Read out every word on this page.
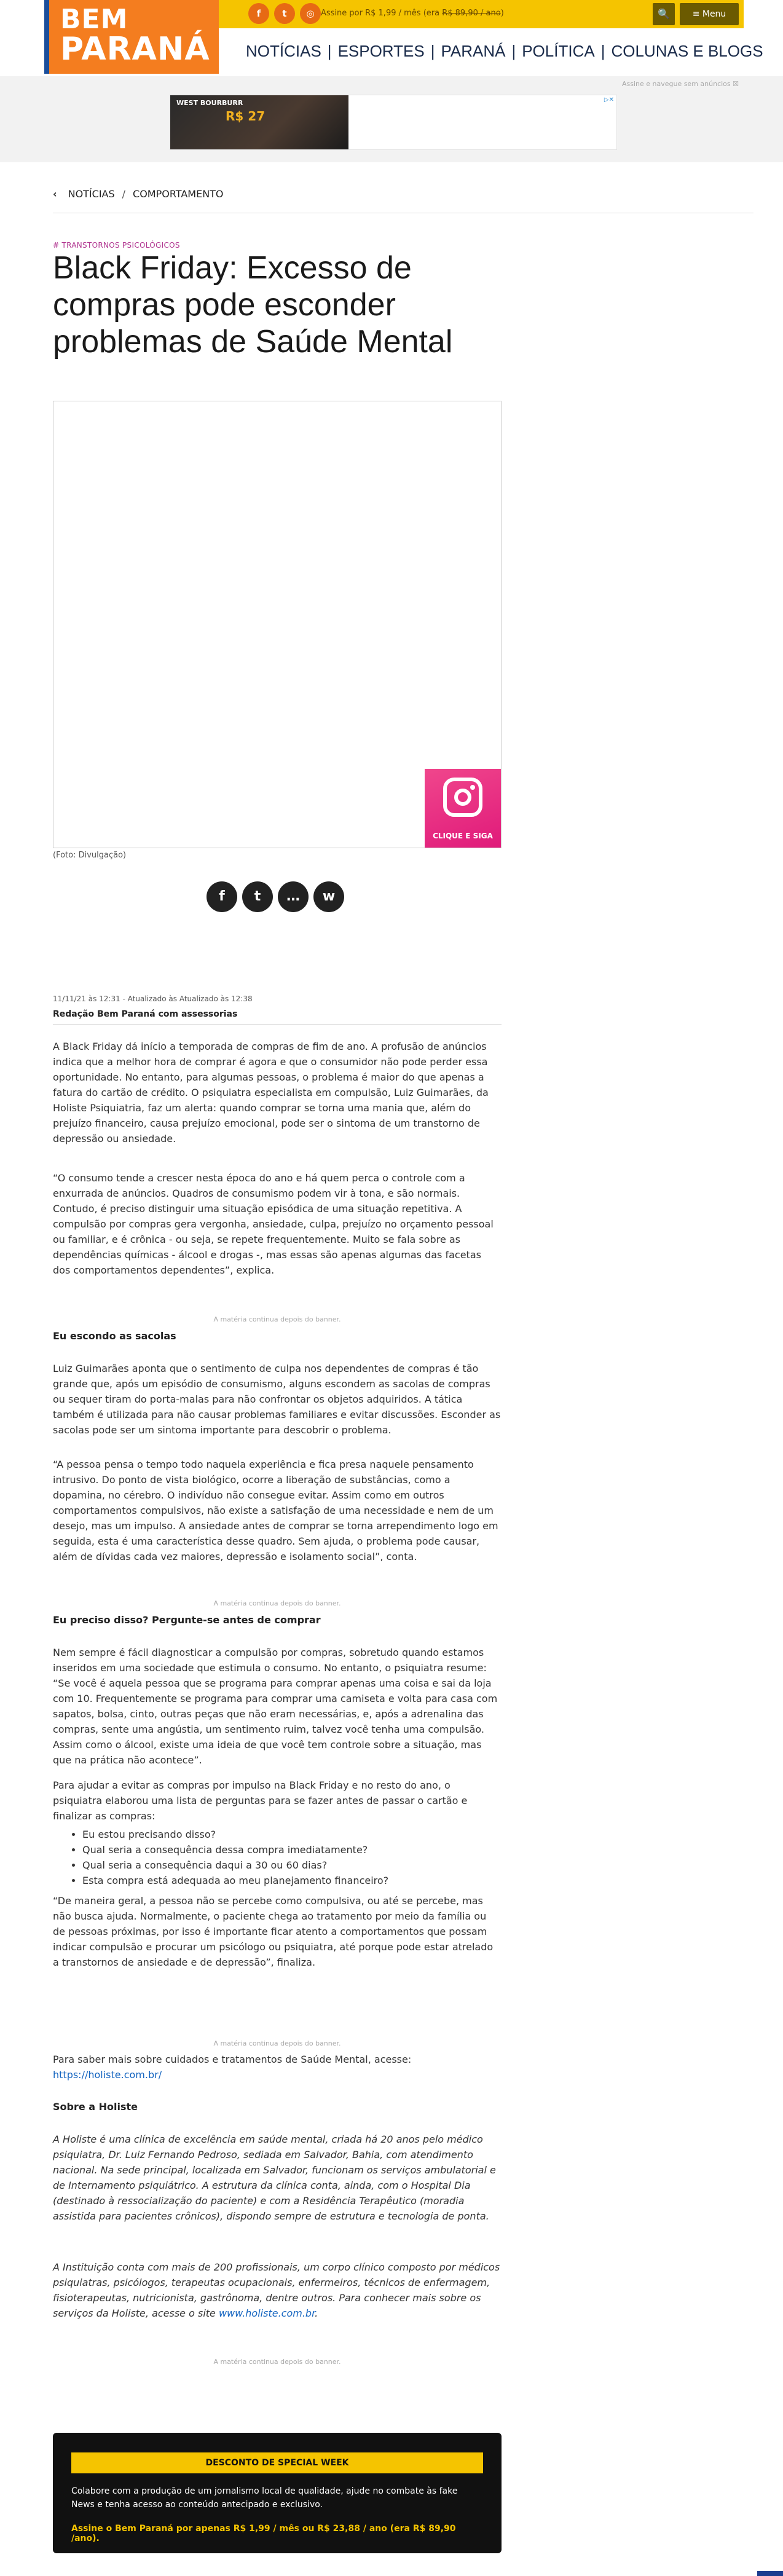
BEM
PARANÁ
f	t	◎ Assine por R$ 1,99 / mês (era R$ 89,90 / ano)	🔍	≡ Menu
NOTÍCIAS | ESPORTES | PARANÁ | POLÍTICA | COLUNAS E BLOGS
Assine e navegue sem anúncios ☒
WEST BOURBURR
R$ 27
▷✕
‹ NOTÍCIAS / COMPORTAMENTO
# TRANSTORNOS PSICOLÓGICOS
Black Friday: Excesso de compras pode esconder problemas de Saúde Mental
CLIQUE E SIGA
(Foto: Divulgação)
f	t	…	w
11/11/21 às 12:31 - Atualizado às Atualizado às 12:38
Redação Bem Paraná com assessorias
A Black Friday dá início a temporada de compras de fim de ano. A profusão de anúncios indica que a melhor hora de comprar é agora e que o consumidor não pode perder essa oportunidade. No entanto, para algumas pessoas, o problema é maior do que apenas a fatura do cartão de crédito. O psiquiatra especialista em compulsão, Luiz Guimarães, da Holiste Psiquiatria, faz um alerta: quando comprar se torna uma mania que, além do prejuízo financeiro, causa prejuízo emocional, pode ser o sintoma de um transtorno de depressão ou ansiedade.
“O consumo tende a crescer nesta época do ano e há quem perca o controle com a enxurrada de anúncios. Quadros de consumismo podem vir à tona, e são normais. Contudo, é preciso distinguir uma situação episódica de uma situação repetitiva. A compulsão por compras gera vergonha, ansiedade, culpa, prejuízo no orçamento pessoal ou familiar, e é crônica - ou seja, se repete frequentemente. Muito se fala sobre as dependências químicas - álcool e drogas -, mas essas são apenas algumas das facetas dos comportamentos dependentes”, explica.
A matéria continua depois do banner.
Eu escondo as sacolas
Luiz Guimarães aponta que o sentimento de culpa nos dependentes de compras é tão grande que, após um episódio de consumismo, alguns escondem as sacolas de compras ou sequer tiram do porta-malas para não confrontar os objetos adquiridos. A tática também é utilizada para não causar problemas familiares e evitar discussões. Esconder as sacolas pode ser um sintoma importante para descobrir o problema.
“A pessoa pensa o tempo todo naquela experiência e fica presa naquele pensamento intrusivo. Do ponto de vista biológico, ocorre a liberação de substâncias, como a dopamina, no cérebro. O indivíduo não consegue evitar. Assim como em outros comportamentos compulsivos, não existe a satisfação de uma necessidade e nem de um desejo, mas um impulso. A ansiedade antes de comprar se torna arrependimento logo em seguida, esta é uma característica desse quadro. Sem ajuda, o problema pode causar, além de dívidas cada vez maiores, depressão e isolamento social”, conta.
A matéria continua depois do banner.
Eu preciso disso? Pergunte-se antes de comprar
Nem sempre é fácil diagnosticar a compulsão por compras, sobretudo quando estamos inseridos em uma sociedade que estimula o consumo. No entanto, o psiquiatra resume: “Se você é aquela pessoa que se programa para comprar apenas uma coisa e sai da loja com 10. Frequentemente se programa para comprar uma camiseta e volta para casa com sapatos, bolsa, cinto, outras peças que não eram necessárias, e, após a adrenalina das compras, sente uma angústia, um sentimento ruim, talvez você tenha uma compulsão. Assim como o álcool, existe uma ideia de que você tem controle sobre a situação, mas que na prática não acontece”.
Para ajudar a evitar as compras por impulso na Black Friday e no resto do ano, o psiquiatra elaborou uma lista de perguntas para se fazer antes de passar o cartão e finalizar as compras:
• Eu estou precisando disso?
• Qual seria a consequência dessa compra imediatamente?
• Qual seria a consequência daqui a 30 ou 60 dias?
• Esta compra está adequada ao meu planejamento financeiro?
“De maneira geral, a pessoa não se percebe como compulsiva, ou até se percebe, mas não busca ajuda. Normalmente, o paciente chega ao tratamento por meio da família ou de pessoas próximas, por isso é importante ficar atento a comportamentos que possam indicar compulsão e procurar um psicólogo ou psiquiatra, até porque pode estar atrelado a transtornos de ansiedade e de depressão”, finaliza.
A matéria continua depois do banner.
Para saber mais sobre cuidados e tratamentos de Saúde Mental, acesse: https://holiste.com.br/
Sobre a Holiste
A Holiste é uma clínica de excelência em saúde mental, criada há 20 anos pelo médico psiquiatra, Dr. Luiz Fernando Pedroso, sediada em Salvador, Bahia, com atendimento nacional. Na sede principal, localizada em Salvador, funcionam os serviços ambulatorial e de Internamento psiquiátrico. A estrutura da clínica conta, ainda, com o Hospital Dia (destinado à ressocialização do paciente) e com a Residência Terapêutico (moradia assistida para pacientes crônicos), dispondo sempre de estrutura e tecnologia de ponta.
A Instituição conta com mais de 200 profissionais, um corpo clínico composto por médicos psiquiatras, psicólogos, terapeutas ocupacionais, enfermeiros, técnicos de enfermagem, fisioterapeutas, nutricionista, gastrônoma, dentre outros. Para conhecer mais sobre os serviços da Holiste, acesse o site www.holiste.com.br.
A matéria continua depois do banner.
DESCONTO DE SPECIAL WEEK
Colabore com a produção de um jornalismo local de qualidade, ajude no combate às fake News e tenha acesso ao conteúdo antecipado e exclusivo.
Assine o Bem Paraná por apenas R$ 1,99 / mês ou R$ 23,88 / ano (era R$ 89,90 /ano).
